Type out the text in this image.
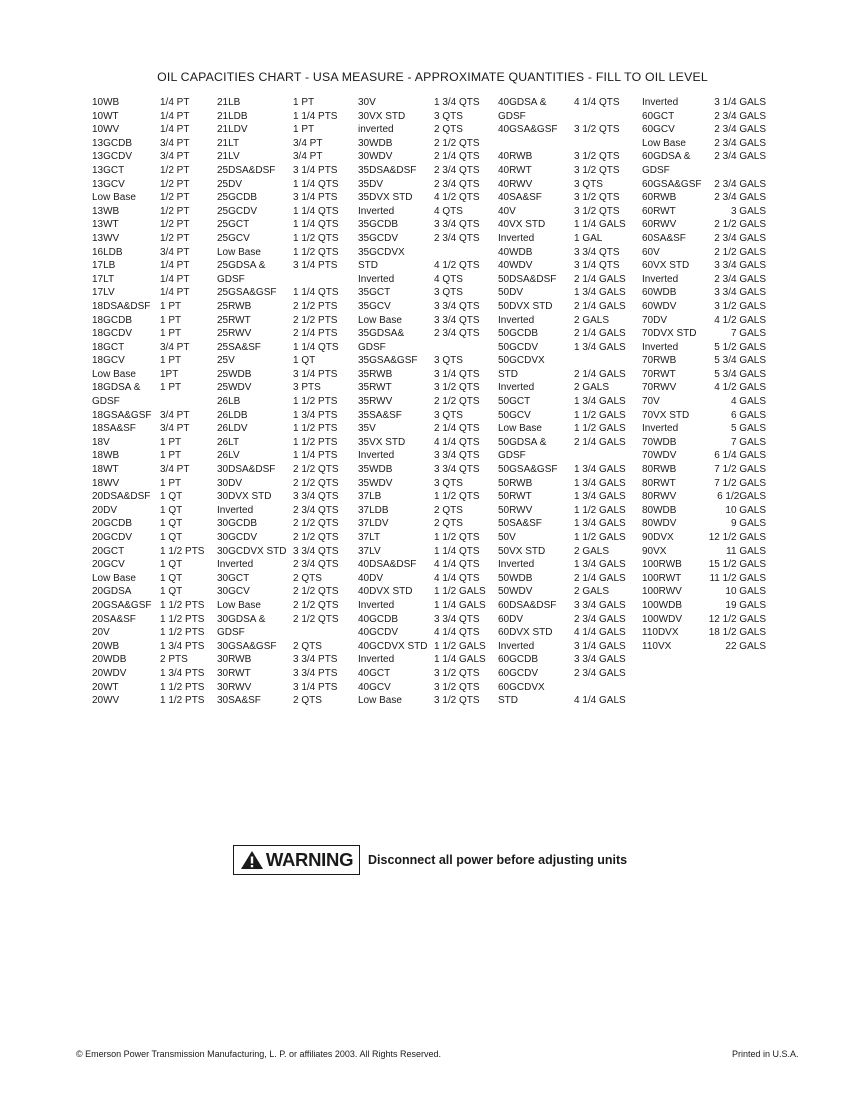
OIL CAPACITIES CHART - USA MEASURE - APPROXIMATE QUANTITIES - FILL TO OIL LEVEL
10WB	1/4 PT
10WT	1/4 PT
10WV	1/4 PT
13GCDB	3/4 PT
13GCDV	3/4 PT
13GCT	1/2 PT
13GCV	1/2 PT
Low Base 1/2 PT
13WB	1/2 PT
13WT	1/2 PT
13WV	1/2 PT
16LDB	3/4 PT
17LB	1/4 PT
17LT	1/4 PT
17LV	1/4 PT
18DSA&DSF 1 PT
18GCDB	1 PT
18GCDV	1 PT
18GCT	3/4 PT
18GCV	1 PT
Low Base 1PT
18GDSA & 1 PT
GDSF
18GSA&GSF 3/4 PT
18SA&SF 3/4 PT
18V	1 PT
18WB	1 PT
18WT	3/4 PT
18WV	1 PT
20DSA&DSF 1 QT
20DV	1 QT
20GCDB	1 QT
20GCDV	1 QT
20GCT	1 1/2 PTS
20GCV	1 QT
Low Base 1 QT
20GDSA	1 QT
20GSA&GSF 1 1/2 PTS
20SA&SF 1 1/2 PTS
20V	1 1/2 PTS
20WB	1 3/4 PTS
20WDB	2 PTS
20WDV	1 3/4 PTS
20WT	1 1/2 PTS
20WV	1 1/2 PTS
21LB	1 PT
21LDB	1 1/4 PTS
21LDV	1 PT
21LT	3/4 PT
21LV	3/4 PT
25DSA&DSF 3 1/4 PTS
25DV	1 1/4 QTS
25GCDB	3 1/4 PTS
25GCDV	1 1/4 QTS
25GCT	1 1/4 QTS
25GCV	1 1/2 QTS
Low Base	1 1/2 QTS
25GDSA &	3 1/4 PTS
GDSF
25GSA&GSF 1 1/4 QTS
25RWB	2 1/2 PTS
25RWT	2 1/2 PTS
25RWV	2 1/4 PTS
25SA&SF	1 1/4 QTS
25V	1 QT
25WDB	3 1/4 PTS
25WDV	3 PTS
26LB	1 1/2 PTS
26LDB	1 3/4 PTS
26LDV	1 1/2 PTS
26LT	1 1/2 PTS
26LV	1 1/4 PTS
30DSA&DSF 2 1/2 QTS
30DV	2 1/2 QTS
30DVX STD 3 3/4 QTS
Inverted	2 3/4 QTS
30GCDB	2 1/2 QTS
30GCDV	2 1/2 QTS
30GCDVX STD 3 3/4 QTS
Inverted	2 3/4 QTS
30GCT	2 QTS
30GCV	2 1/2 QTS
Low Base	2 1/2 QTS
30GDSA &	2 1/2 QTS
GDSF
30GSA&GSF 2 QTS
30RWB	3 3/4 PTS
30RWT	3 3/4 PTS
30RWV	3 1/4 PTS
30SA&SF	2 QTS
30V	1 3/4 QTS
30VX STD	3 QTS
inverted	2 QTS
30WDB	2 1/2 QTS
30WDV	2 1/4 QTS
35DSA&DSF 2 3/4 QTS
35DV	2 3/4 QTS
35DVX STD 4 1/2 QTS
Inverted	4 QTS
35GCDB	3 3/4 QTS
35GCDV	2 3/4 QTS
35GCDVX
STD	4 1/2 QTS
Inverted	4 QTS
35GCT	3 QTS
35GCV	3 3/4 QTS
Low Base	3 3/4 QTS
35GDSA&	2 3/4 QTS
GDSF
35GSA&GSF 3 QTS
35RWB	3 1/4 QTS
35RWT	3 1/2 QTS
35RWV	2 1/2 QTS
35SA&SF	3 QTS
35V	2 1/4 QTS
35VX STD	4 1/4 QTS
Inverted	3 3/4 QTS
35WDB	3 3/4 QTS
35WDV	3 QTS
37LB	1 1/2 QTS
37LDB	2 QTS
37LDV	2 QTS
37LT	1 1/2 QTS
37LV	1 1/4 QTS
40DSA&DSF 4 1/4 QTS
40DV	4 1/4 QTS
40DVX STD 1 1/2 GALS
Inverted	1 1/4 GALS
40GCDB	3 3/4 QTS
40GCDV	4 1/4 QTS
40GCDVX STD 1 1/2 GALS
Inverted	1 1/4 GALS
40GCT	3 1/2 QTS
40GCV	3 1/2 QTS
Low Base	3 1/2 QTS
40GDSA &	4 1/4 QTS
GDSF
40GSA&GSF 3 1/2 QTS
40RWB	3 1/2 QTS
40RWT	3 1/2 QTS
40RWV	3 QTS
40SA&SF	3 1/2 QTS
40V	3 1/2 QTS
40VX STD	1 1/4 GALS
Inverted	1 GAL
40WDB	3 3/4 QTS
40WDV	3 1/4 QTS
50DSA&DSF 2 1/4 GALS
50DV	1 3/4 GALS
50DVX STD 2 1/4 GALS
Inverted	2 GALS
50GCDB	2 1/4 GALS
50GCDV	1 3/4 GALS
50GCDVX
STD	2 1/4 GALS
Inverted	2 GALS
50GCT	1 3/4 GALS
50GCV	1 1/2 GALS
Low Base	1 1/2 GALS
50GDSA &	2 1/4 GALS
GDSF
50GSA&GSF 1 3/4 GALS
50RWB	1 3/4 GALS
50RWT	1 3/4 GALS
50RWV	1 1/2 GALS
50SA&SF	1 3/4 GALS
50V	1 1/2 GALS
50VX STD	2 GALS
Inverted	1 3/4 GALS
50WDB	2 1/4 GALS
50WDV	2 GALS
60DSA&DSF 3 3/4 GALS
60DV	2 3/4 GALS
60DVX STD 4 1/4 GALS
Inverted	3 1/4 GALS
60GCDB	3 3/4 GALS
60GCDV	2 3/4 GALS
60GCDVX
STD	4 1/4 GALS
Inverted	3 1/4 GALS
60GCT	2 3/4 GALS
60GCV	2 3/4 GALS
Low Base	2 3/4 GALS
60GDSA &	2 3/4 GALS
GDSF
60GSA&GSF	2 3/4 GALS
60RWB	2 3/4 GALS
60RWT	3 GALS
60RWV	2 1/2 GALS
60SA&SF	2 3/4 GALS
60V	2 1/2 GALS
60VX STD	3 3/4 GALS
Inverted	2 3/4 GALS
60WDB	3 3/4 GALS
60WDV	3 1/2 GALS
70DV	4 1/2 GALS
70DVX STD	7 GALS
Inverted	5 1/2 GALS
70RWB	5 3/4 GALS
70RWT	5 3/4 GALS
70RWV	4 1/2 GALS
70V	4 GALS
70VX STD	6 GALS
Inverted	5 GALS
70WDB	7 GALS
70WDV	6 1/4 GALS
80RWB	7 1/2 GALS
80RWT	7 1/2 GALS
80RWV	6 1/2GALS
80WDB	10 GALS
80WDV	9 GALS
90DVX	12 1/2 GALS
90VX	11 GALS
100RWB	15 1/2 GALS
100RWT	11 1/2 GALS
100RWV	10 GALS
100WDB	19 GALS
100WDV	12 1/2 GALS
110DVX	18 1/2 GALS
110VX	22 GALS
WARNING Disconnect all power before adjusting units
© Emerson Power Transmission Manufacturing, L. P. or affiliates 2003. All Rights Reserved.	Printed in U.S.A.
